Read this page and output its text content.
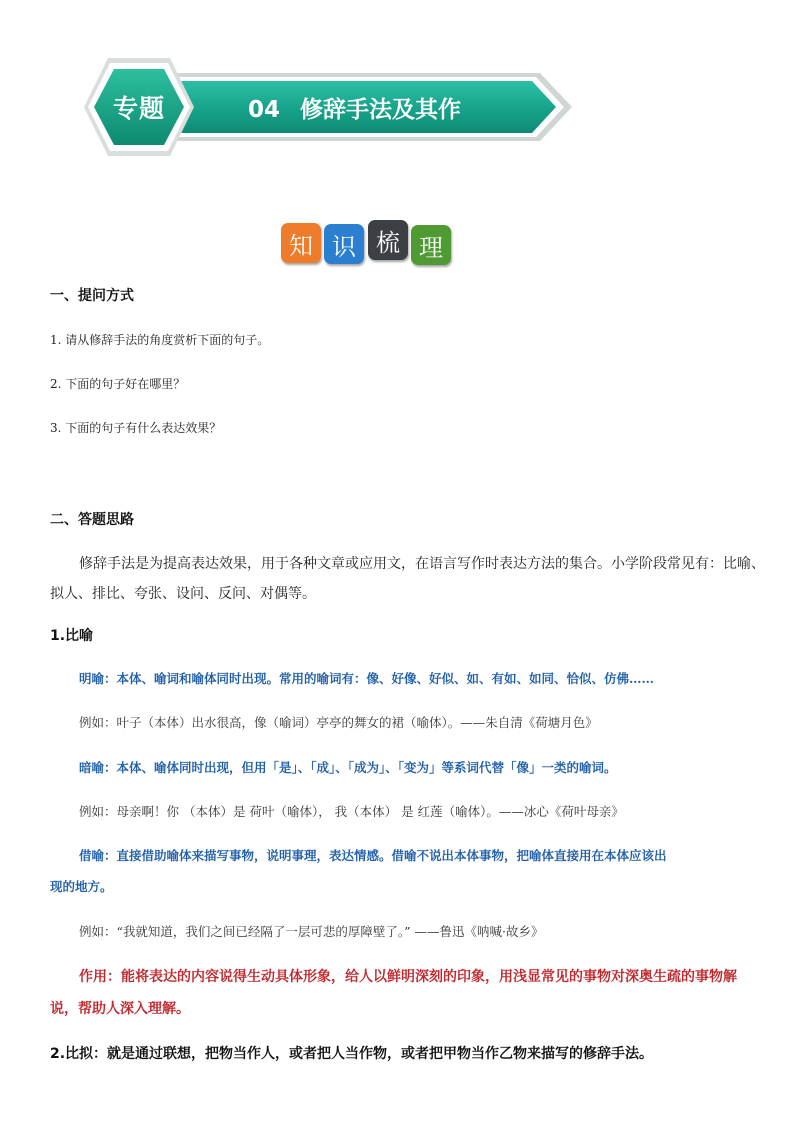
专题	04 修辞手法及其作
知 识 梳 理
一、提问方式
1. 请从修辞手法的角度赏析下面的句子。
2. 下面的句子好在哪里？
3. 下面的句子有什么表达效果？
二、答题思路
修辞手法是为提高表达效果，用于各种文章或应用文，在语言写作时表达方法的集合。小学阶段常见有：比喻、
拟人、排比、夸张、设问、反问、对偶等。
1.比喻
明喻：本体、喻词和喻体同时出现。常用的喻词有：像、好像、好似、如、有如、如同、恰似、仿佛……
例如：叶子（本体）出水很高，像（喻词）亭亭的舞女的裙（喻体）。——朱自清《荷塘月色》
暗喻：本体、喻体同时出现，但用「是」、「成」、「成为」、「变为」等系词代替「像」一类的喻词。
例如：母亲啊！你 （本体）是 荷叶（喻体）， 我（本体） 是 红莲（喻体）。——冰心《荷叶母亲》
借喻：直接借助喻体来描写事物，说明事理，表达情感。借喻不说出本体事物，把喻体直接用在本体应该出
现的地方。
例如：“我就知道，我们之间已经隔了一层可悲的厚障壁了。” ——鲁迅《呐喊·故乡》
作用：能将表达的内容说得生动具体形象，给人以鲜明深刻的印象，用浅显常见的事物对深奥生疏的事物解
说，帮助人深入理解。
2.比拟：就是通过联想，把物当作人，或者把人当作物，或者把甲物当作乙物来描写的修辞手法。
